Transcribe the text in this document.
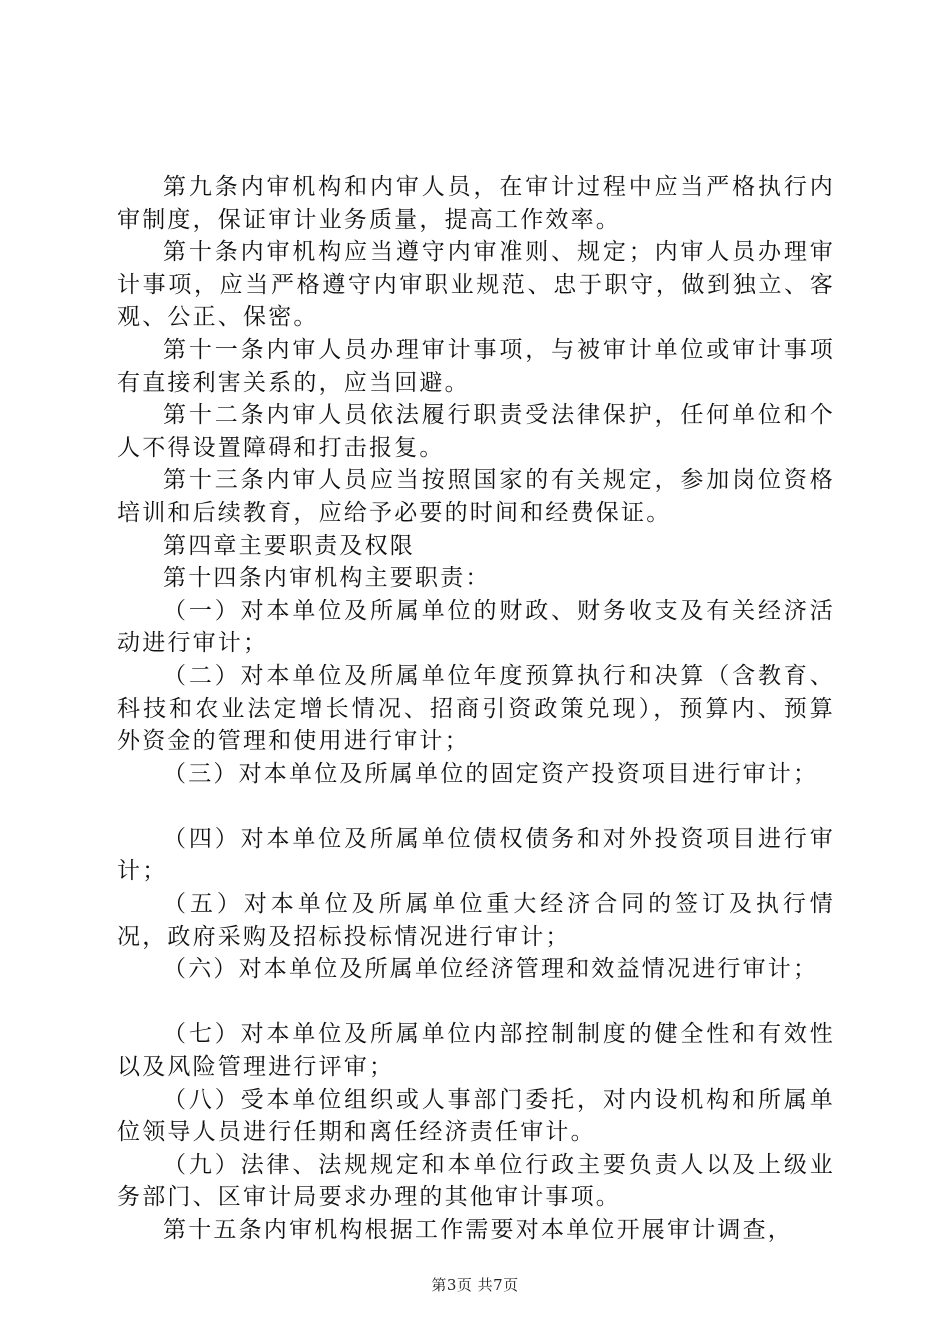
第九条内审机构和内审人员，在审计过程中应当严格执行内审制度，保证审计业务质量，提高工作效率。

第十条内审机构应当遵守内审准则、规定；内审人员办理审计事项，应当严格遵守内审职业规范、忠于职守，做到独立、客观、公正、保密。

第十一条内审人员办理审计事项，与被审计单位或审计事项有直接利害关系的，应当回避。

第十二条内审人员依法履行职责受法律保护，任何单位和个人不得设置障碍和打击报复。

第十三条内审人员应当按照国家的有关规定，参加岗位资格培训和后续教育，应给予必要的时间和经费保证。

第四章主要职责及权限

第十四条内审机构主要职责：

（一）对本单位及所属单位的财政、财务收支及有关经济活动进行审计；

（二）对本单位及所属单位年度预算执行和决算（含教育、科技和农业法定增长情况、招商引资政策兑现），预算内、预算外资金的管理和使用进行审计；

（三）对本单位及所属单位的固定资产投资项目进行审计；

（四）对本单位及所属单位债权债务和对外投资项目进行审计；

（五）对本单位及所属单位重大经济合同的签订及执行情况，政府采购及招标投标情况进行审计；

（六）对本单位及所属单位经济管理和效益情况进行审计；

（七）对本单位及所属单位内部控制制度的健全性和有效性以及风险管理进行评审；

（八）受本单位组织或人事部门委托，对内设机构和所属单位领导人员进行任期和离任经济责任审计。

（九）法律、法规规定和本单位行政主要负责人以及上级业务部门、区审计局要求办理的其他审计事项。

第十五条内审机构根据工作需要对本单位开展审计调查，

第3页 共7页
